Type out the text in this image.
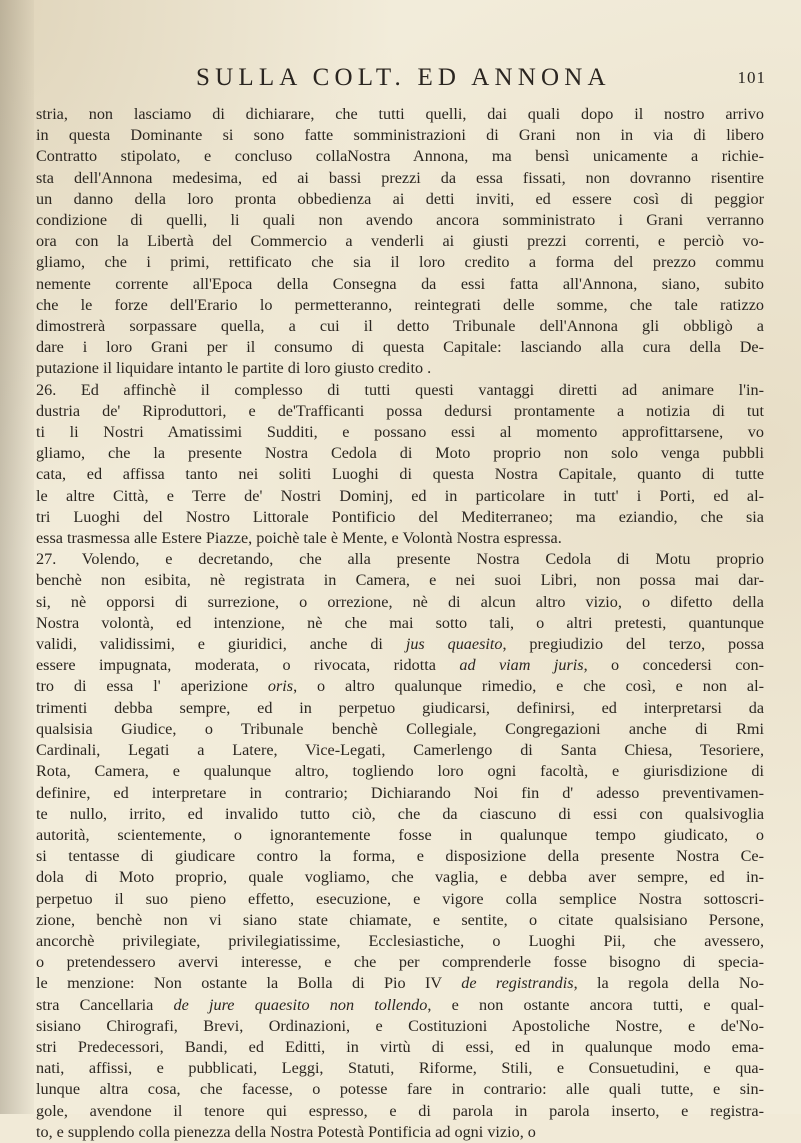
SULLA COLT. ED ANNONA	101

stria, non lasciamo di dichiarare, che tutti quelli, dai quali dopo il nostro arrivo
in questa Dominante si sono fatte somministrazioni di Grani non in via di libero
Contratto stipolato, e concluso collaNostra Annona, ma bensì unicamente a richie-
sta dell'Annona medesima, ed ai bassi prezzi da essa fissati, non dovranno risentire
un danno della loro pronta obbedienza ai detti inviti, ed essere così di peggior
condizione di quelli, li quali non avendo ancora somministrato i Grani verranno
ora con la Libertà del Commercio a venderli ai giusti prezzi correnti, e perciò vo-
gliamo, che i primi, rettificato che sia il loro credito a forma del prezzo commu
nemente corrente all'Epoca della Consegna da essi fatta all'Annona, siano, subito
che le forze dell'Erario lo permetteranno, reintegrati delle somme, che tale ratizzo
dimostrerà sorpassare quella, a cui il detto Tribunale dell'Annona gli obbligò a
dare i loro Grani per il consumo di questa Capitale: lasciando alla cura della De-
putazione il liquidare intanto le partite di loro giusto credito .

26. Ed affinchè il complesso di tutti questi vantaggi diretti ad animare l'in-
dustria de' Riproduttori, e de'Trafficanti possa dedursi prontamente a notizia di tut
ti li Nostri Amatissimi Sudditi, e possano essi al momento approfittarsene, vo
gliamo, che la presente Nostra Cedola di Moto proprio non solo venga pubbli
cata, ed affissa tanto nei soliti Luoghi di questa Nostra Capitale, quanto di tutte
le altre Città, e Terre de' Nostri Dominj, ed in particolare in tutt' i Porti, ed al-
tri Luoghi del Nostro Littorale Pontificio del Mediterraneo; ma eziandio, che sia
essa trasmessa alle Estere Piazze, poichè tale è Mente, e Volontà Nostra espressa.

27. Volendo, e decretando, che alla presente Nostra Cedola di Motu proprio
benchè non esibita, nè registrata in Camera, e nei suoi Libri, non possa mai dar-
si, nè opporsi di surrezione, o orrezione, nè di alcun altro vizio, o difetto della
Nostra volontà, ed intenzione, nè che mai sotto tali, o altri pretesti, quantunque
validi, validissimi, e giuridici, anche di jus quaesito, pregiudizio del terzo, possa
essere impugnata, moderata, o rivocata, ridotta ad viam juris, o concedersi con-
tro di essa l' aperizione oris, o altro qualunque rimedio, e che così, e non al-
trimenti debba sempre, ed in perpetuo giudicarsi, definirsi, ed interpretarsi da
qualsisia Giudice, o Tribunale benchè Collegiale, Congregazioni anche di Rmi
Cardinali, Legati a Latere, Vice-Legati, Camerlengo di Santa Chiesa, Tesoriere,
Rota, Camera, e qualunque altro, togliendo loro ogni facoltà, e giurisdizione di
definire, ed interpretare in contrario; Dichiarando Noi fin d' adesso preventivamen-
te nullo, irrito, ed invalido tutto ciò, che da ciascuno di essi con qualsivoglia
autorità, scientemente, o ignorantemente fosse in qualunque tempo giudicato, o
si tentasse di giudicare contro la forma, e disposizione della presente Nostra Ce-
dola di Moto proprio, quale vogliamo, che vaglia, e debba aver sempre, ed in-
perpetuo il suo pieno effetto, esecuzione, e vigore colla semplice Nostra sottoscri-
zione, benchè non vi siano state chiamate, e sentite, o citate qualsisiano Persone,
ancorchè privilegiate, privilegiatissime, Ecclesiastiche, o Luoghi Pii, che avessero,
o pretendessero avervi interesse, e che per comprenderle fosse bisogno di specia-
le menzione: Non ostante la Bolla di Pio IV de registrandis, la regola della No-
stra Cancellaria de jure quaesito non tollendo, e non ostante ancora tutti, e qual-
sisiano Chirografi, Brevi, Ordinazioni, e Costituzioni Apostoliche Nostre, e de'No-
stri Predecessori, Bandi, ed Editti, in virtù di essi, ed in qualunque modo ema-
nati, affissi, e pubblicati, Leggi, Statuti, Riforme, Stili, e Consuetudini, e qua-
lunque altra cosa, che facesse, o potesse fare in contrario: alle quali tutte, e sin-
gole, avendone il tenore qui espresso, e di parola in parola inserto, e registra-
to, e supplendo colla pienezza della Nostra Potestà Pontificia ad ogni vizio, o
